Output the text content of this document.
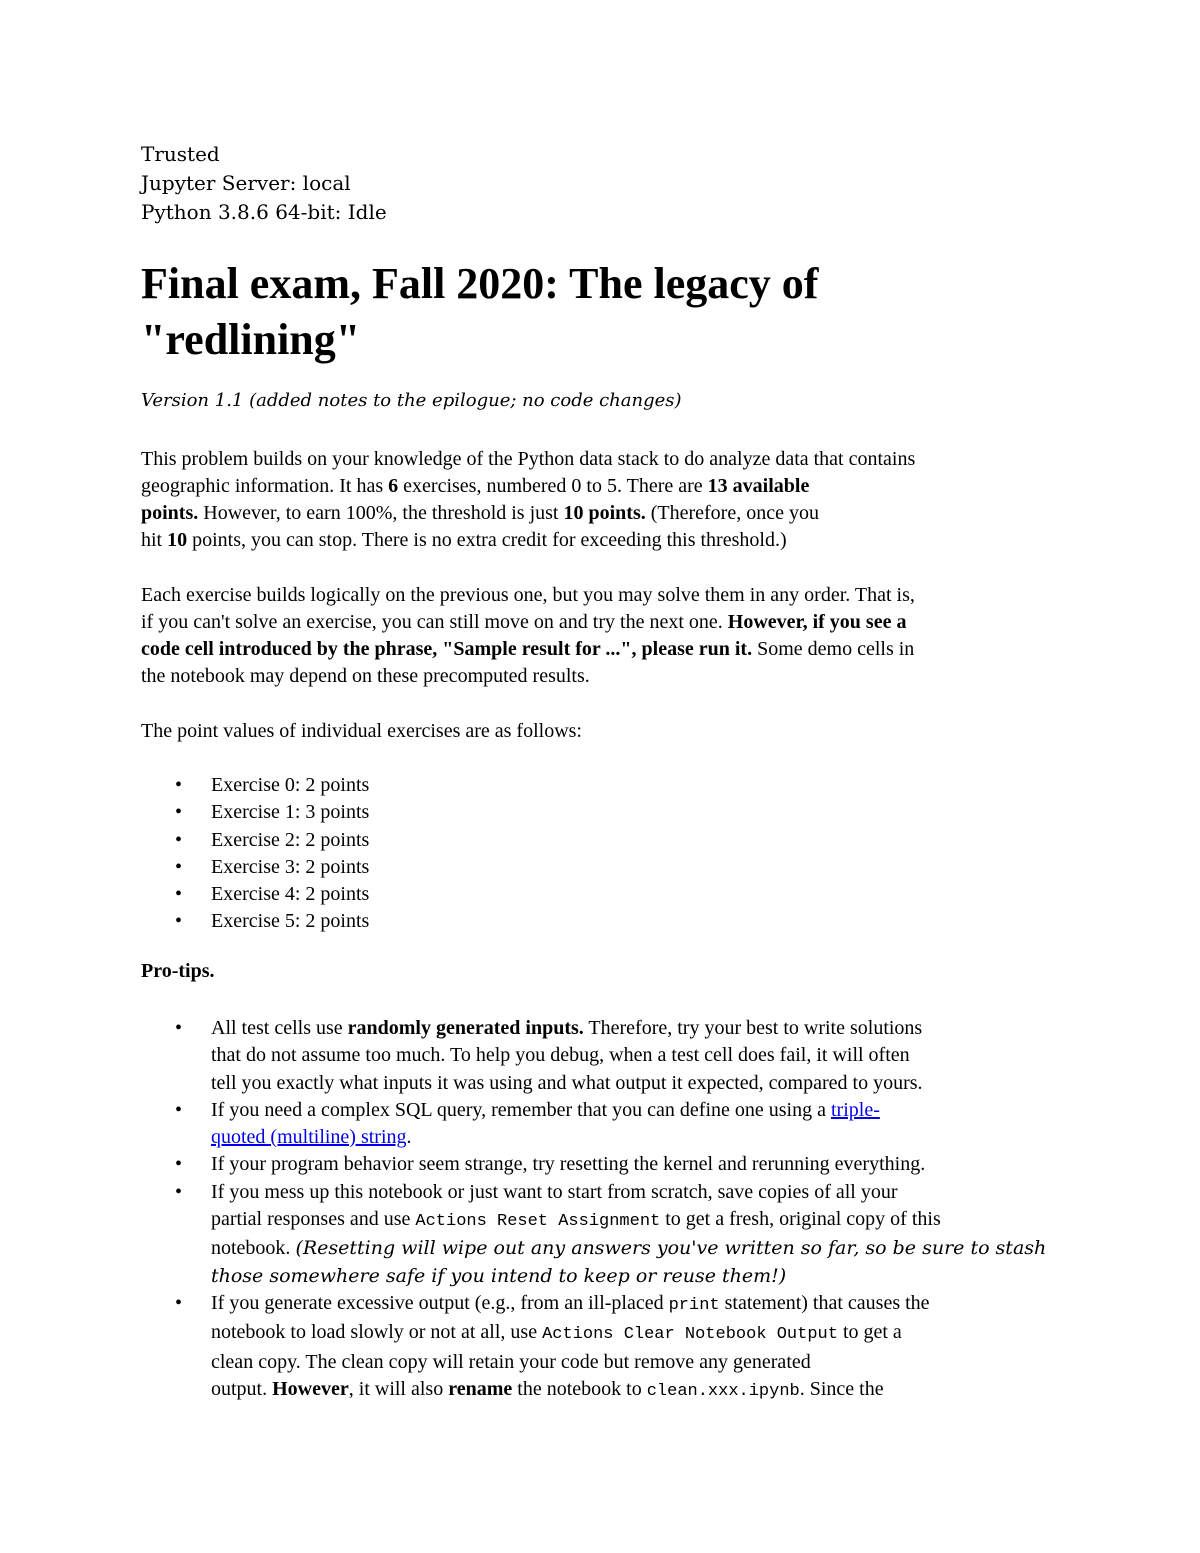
Trusted
Jupyter Server: local
Python 3.8.6 64-bit: Idle
Final exam, Fall 2020: The legacy of
"redlining"
Version 1.1 (added notes to the epilogue; no code changes)
This problem builds on your knowledge of the Python data stack to do analyze data that contains
geographic information. It has 6 exercises, numbered 0 to 5. There are 13 available
points. However, to earn 100%, the threshold is just 10 points. (Therefore, once you
hit 10 points, you can stop. There is no extra credit for exceeding this threshold.)
Each exercise builds logically on the previous one, but you may solve them in any order. That is,
if you can't solve an exercise, you can still move on and try the next one. However, if you see a
code cell introduced by the phrase, "Sample result for ...", please run it. Some demo cells in
the notebook may depend on these precomputed results.
The point values of individual exercises are as follows:
• Exercise 0: 2 points
• Exercise 1: 3 points
• Exercise 2: 2 points
• Exercise 3: 2 points
• Exercise 4: 2 points
• Exercise 5: 2 points
Pro-tips.
• All test cells use randomly generated inputs. Therefore, try your best to write solutions
that do not assume too much. To help you debug, when a test cell does fail, it will often
tell you exactly what inputs it was using and what output it expected, compared to yours.
• If you need a complex SQL query, remember that you can define one using a triple-
quoted (multiline) string.
• If your program behavior seem strange, try resetting the kernel and rerunning everything.
• If you mess up this notebook or just want to start from scratch, save copies of all your
partial responses and use Actions Reset Assignment to get a fresh, original copy of this
notebook. (Resetting will wipe out any answers you've written so far, so be sure to stash
those somewhere safe if you intend to keep or reuse them!)
• If you generate excessive output (e.g., from an ill-placed print statement) that causes the
notebook to load slowly or not at all, use Actions Clear Notebook Output to get a
clean copy. The clean copy will retain your code but remove any generated
output. However, it will also rename the notebook to clean.xxx.ipynb. Since the
